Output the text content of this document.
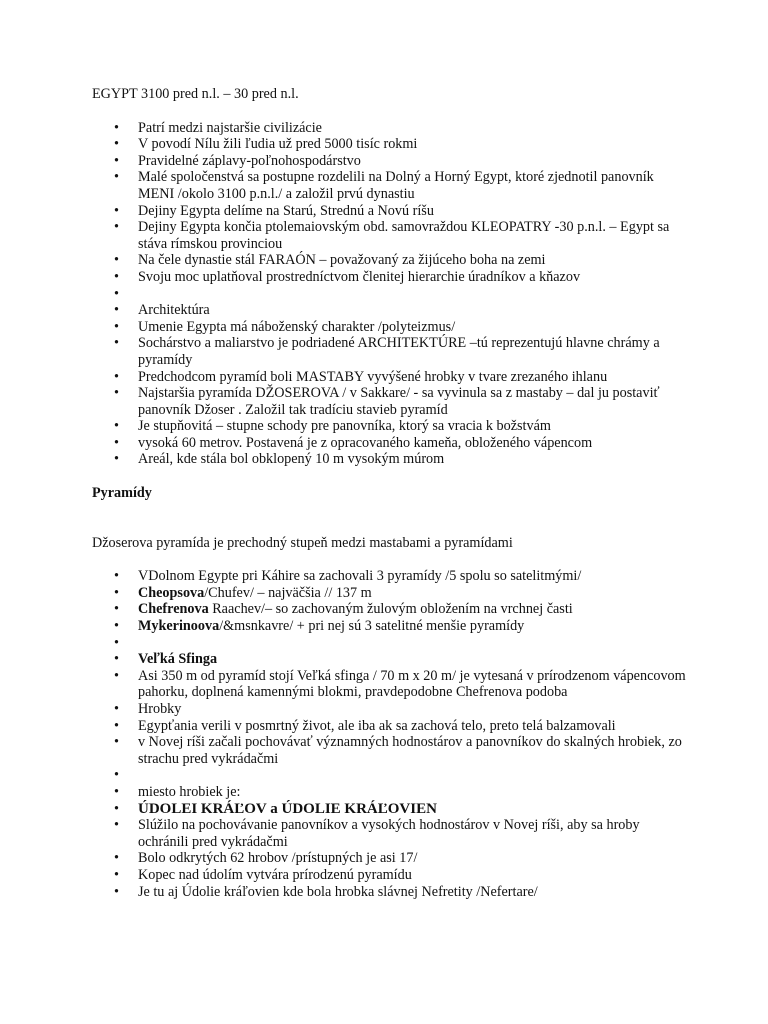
EGYPT 3100 pred n.l. – 30 pred n.l.
• Patrí medzi najstaršie civilizácie
• V povodí Nílu žili ľudia už pred 5000 tisíc rokmi
• Pravidelné záplavy-poľnohospodárstvo
• Malé spoločenstvá sa postupne rozdelili na Dolný a Horný Egypt, ktoré zjednotil panovník MENI /okolo 3100 p.n.l./ a založil prvú dynastiu
• Dejiny Egypta delíme na Starú, Strednú a Novú ríšu
• Dejiny Egypta končia ptolemaiovským obd. samovraždou KLEOPATRY -30 p.n.l. – Egypt sa stáva rímskou provinciou
• Na čele dynastie stál FARAÓN – považovaný za žijúceho boha na zemi
• Svoju moc uplatňoval prostredníctvom členitej hierarchie úradníkov a kňazov
•
• Architektúra
• Umenie Egypta má náboženský charakter /polyteizmus/
• Sochárstvo a maliarstvo je podriadené ARCHITEKTÚRE –tú reprezentujú hlavne chrámy a pyramídy
• Predchodcom pyramíd boli MASTABY vyvýšené hrobky v tvare zrezaného ihlanu
• Najstaršia pyramída DŽOSEROVA / v Sakkare/ - sa vyvinula sa z mastaby – dal ju postaviť panovník Džoser . Založil tak tradíciu stavieb pyramíd
• Je stupňovitá – stupne schody pre panovníka, ktorý sa vracia k božstvám
• vysoká 60 metrov. Postavená je z opracovaného kameňa, obloženého vápencom
• Areál, kde stála bol obklopený 10 m vysokým múrom
Pyramídy
Džoserova pyramída je prechodný stupeň medzi mastabami a pyramídami
• VDolnom Egypte pri Káhire sa zachovali 3 pyramídy /5 spolu so satelitmými/
• Cheopsova/Chufev/ – najväčšia // 137 m
• Chefrenova Raachev/– so zachovaným žulovým obložením na vrchnej časti
• Mykerinoova/&msnkavre/ + pri nej sú 3 satelitné menšie pyramídy
•
• Veľká Sfinga
• Asi 350 m od pyramíd stojí Veľká sfinga / 70 m x 20 m/ je vytesaná v prírodzenom vápencovom pahorku, doplnená kamennými blokmi, pravdepodobne Chefrenova podoba
• Hrobky
• Egypťania verili v posmrtný život, ale iba ak sa zachová telo, preto telá balzamovali
• v Novej ríši začali pochovávať významných hodnostárov a panovníkov do skalných hrobiek, zo strachu pred vykrádačmi
•
• miesto hrobiek je:
• ÚDOLEI KRÁĽOV a ÚDOLIE KRÁĽOVIEN
• Slúžilo na pochovávanie panovníkov a vysokých hodnostárov v Novej ríši, aby sa hroby ochránili pred vykrádačmi
• Bolo odkrytých 62 hrobov /prístupných je asi 17/
• Kopec nad údolím vytvára prírodzenú pyramídu
• Je tu aj Údolie kráľovien kde bola hrobka slávnej Nefretity /Nefertare/
